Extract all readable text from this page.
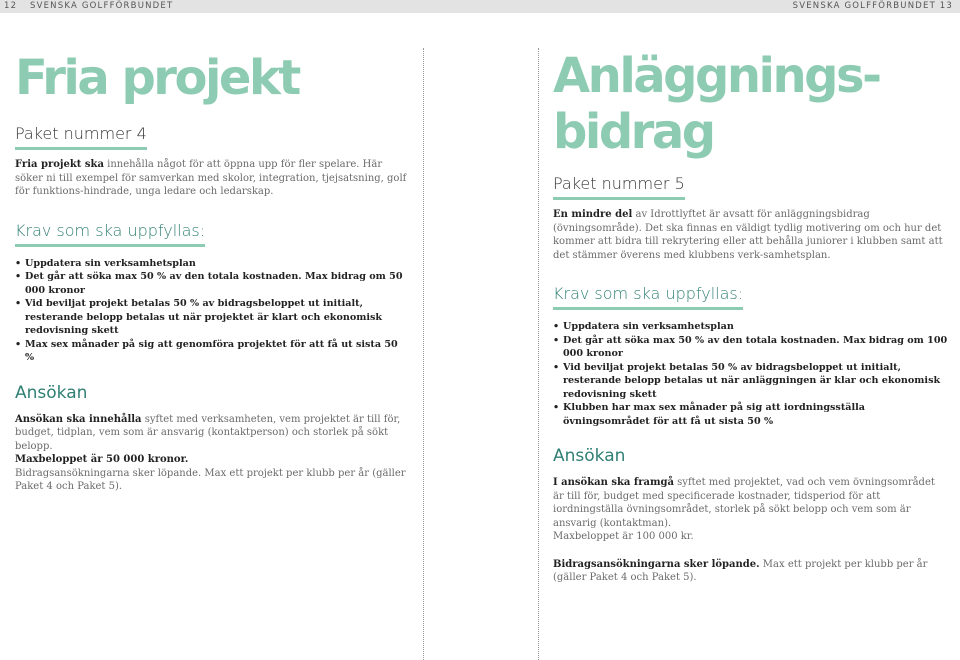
12 SVENSKA GOLFFÖRBUNDET	SVENSKA GOLFFÖRBUNDET 13
Fria projekt
Paket nummer 4

Fria projekt ska innehålla något för att öppna upp för fler spelare. Här söker ni till exempel för samverkan med skolor, integration, tjejsatsning, golf för funktions-hindrade, unga ledare och ledarskap.

Krav som ska uppfyllas:
• Uppdatera sin verksamhetsplan
• Det går att söka max 50 % av den totala kostnaden. Max bidrag om 50 000 kronor
• Vid beviljat projekt betalas 50 % av bidragsbeloppet ut initialt, resterande belopp betalas ut när projektet är klart och ekonomisk redovisning skett
• Max sex månader på sig att genomföra projektet för att få ut sista 50 %
Ansökan

Ansökan ska innehålla syftet med verksamheten, vem projektet är till för, budget, tidplan, vem som är ansvarig (kontaktperson) och storlek på sökt belopp.

Maxbeloppet är 50 000 kronor.

Bidragsansökningarna sker löpande. Max ett projekt per klubb per år (gäller Paket 4 och Paket 5).

Anläggnings-
bidrag
Paket nummer 5

En mindre del av Idrottlyftet är avsatt för anläggningsbidrag (övningsområde). Det ska finnas en väldigt tydlig motivering om och hur det kommer att bidra till rekrytering eller att behålla juniorer i klubben samt att det stämmer överens med klubbens verk-samhetsplan.

Krav som ska uppfyllas:
• Uppdatera sin verksamhetsplan
• Det går att söka max 50 % av den totala kostnaden. Max bidrag om 100 000 kronor
• Vid beviljat projekt betalas 50 % av bidragsbeloppet ut initialt, resterande belopp betalas ut när anläggningen är klar och ekonomisk redovisning skett
• Klubben har max sex månader på sig att iordningsställa övningsområdet för att få ut sista 50 %
Ansökan

I ansökan ska framgå syftet med projektet, vad och vem övningsområdet är till för, budget med specificerade kostnader, tidsperiod för att iordningställa övningsområdet, storlek på sökt belopp och vem som är ansvarig (kontaktman).

Maxbeloppet är 100 000 kr.

Bidragsansökningarna sker löpande. Max ett projekt per klubb per år (gäller Paket 4 och Paket 5).
